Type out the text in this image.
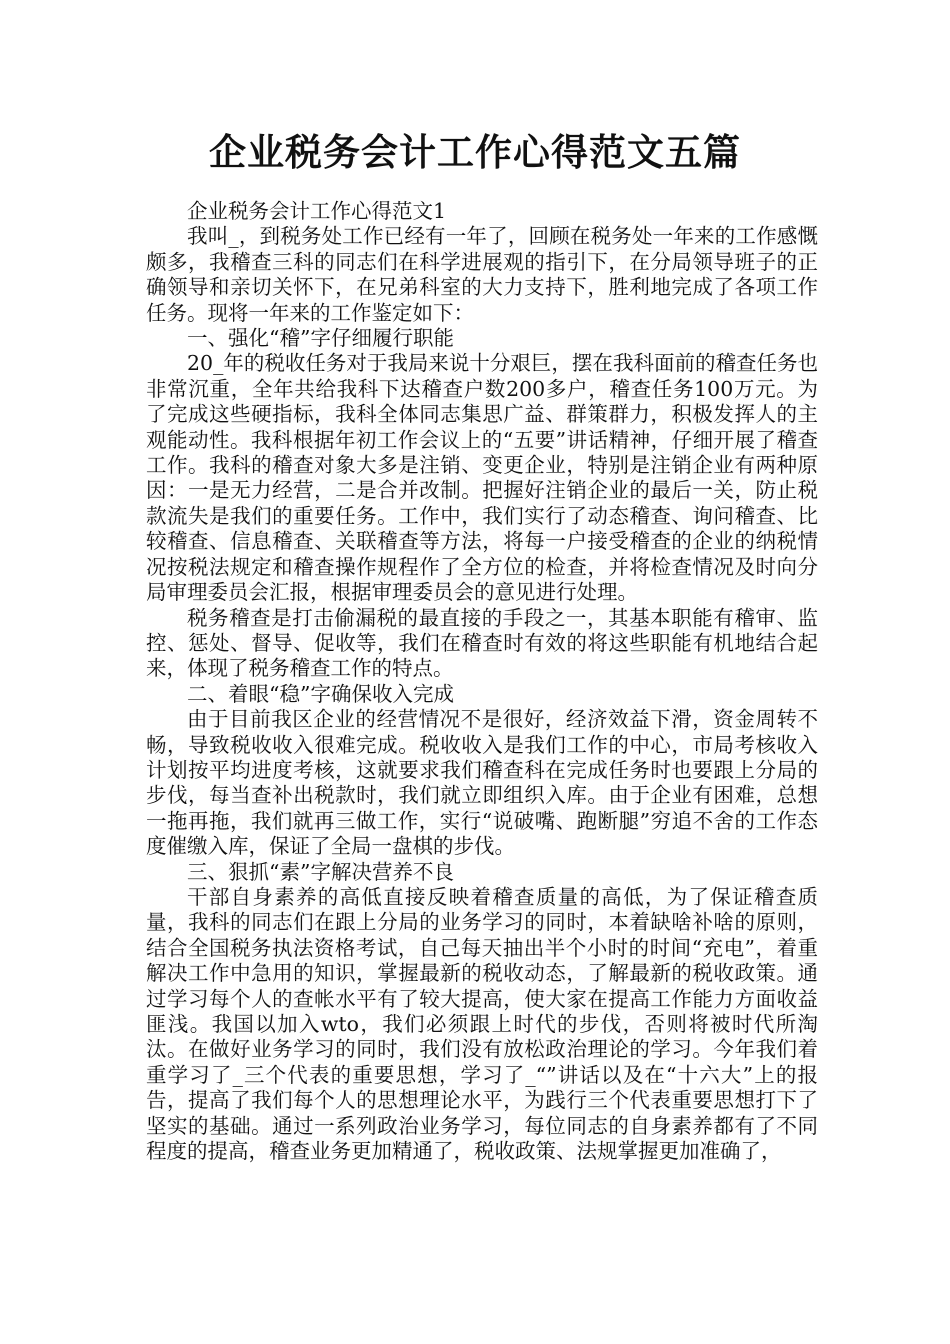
企业税务会计工作心得范文五篇

企业税务会计工作心得范文1

我叫_，到税务处工作已经有一年了，回顾在税务处一年来的工作感慨颇多，我稽查三科的同志们在科学进展观的指引下，在分局领导班子的正确领导和亲切关怀下，在兄弟科室的大力支持下，胜利地完成了各项工作任务。现将一年来的工作鉴定如下：

一、强化“稽”字仔细履行职能

20_年的税收任务对于我局来说十分艰巨，摆在我科面前的稽查任务也非常沉重，全年共给我科下达稽查户数200多户，稽查任务100万元。为了完成这些硬指标，我科全体同志集思广益、群策群力，积极发挥人的主观能动性。我科根据年初工作会议上的“五要”讲话精神，仔细开展了稽查工作。我科的稽查对象大多是注销、变更企业，特别是注销企业有两种原因：一是无力经营，二是合并改制。把握好注销企业的最后一关，防止税款流失是我们的重要任务。工作中，我们实行了动态稽查、询问稽查、比较稽查、信息稽查、关联稽查等方法，将每一户接受稽查的企业的纳税情况按税法规定和稽查操作规程作了全方位的检查，并将检查情况及时向分局审理委员会汇报，根据审理委员会的意见进行处理。

税务稽查是打击偷漏税的最直接的手段之一，其基本职能有稽审、监控、惩处、督导、促收等，我们在稽查时有效的将这些职能有机地结合起来，体现了税务稽查工作的特点。

二、着眼“稳”字确保收入完成

由于目前我区企业的经营情况不是很好，经济效益下滑，资金周转不畅，导致税收收入很难完成。税收收入是我们工作的中心，市局考核收入计划按平均进度考核，这就要求我们稽查科在完成任务时也要跟上分局的步伐，每当查补出税款时，我们就立即组织入库。由于企业有困难，总想一拖再拖，我们就再三做工作，实行“说破嘴、跑断腿”穷追不舍的工作态度催缴入库，保证了全局一盘棋的步伐。

三、狠抓“素”字解决营养不良

干部自身素养的高低直接反映着稽查质量的高低，为了保证稽查质量，我科的同志们在跟上分局的业务学习的同时，本着缺啥补啥的原则，结合全国税务执法资格考试，自己每天抽出半个小时的时间“充电”，着重解决工作中急用的知识，掌握最新的税收动态，了解最新的税收政策。通过学习每个人的查帐水平有了较大提高，使大家在提高工作能力方面收益匪浅。我国以加入wto，我们必须跟上时代的步伐，否则将被时代所淘汰。在做好业务学习的同时，我们没有放松政治理论的学习。今年我们着重学习了_三个代表的重要思想，学习了_“”讲话以及在“十六大”上的报告，提高了我们每个人的思想理论水平，为践行三个代表重要思想打下了坚实的基础。通过一系列政治业务学习，每位同志的自身素养都有了不同程度的提高，稽查业务更加精通了，税收政策、法规掌握更加准确了，
